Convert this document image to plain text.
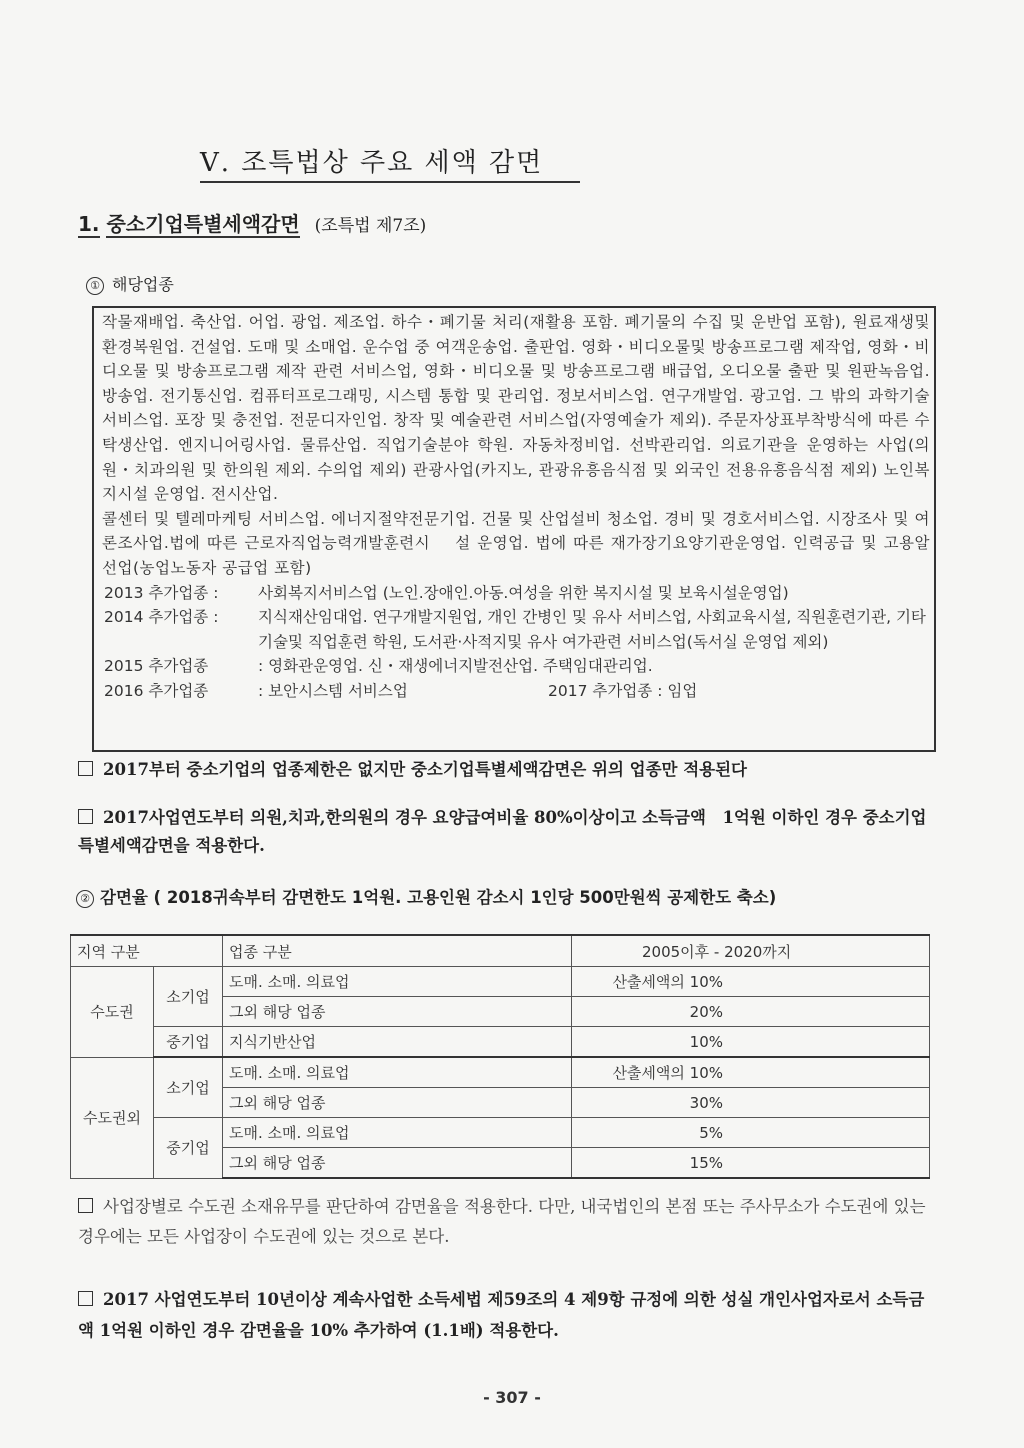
Ⅴ. 조특법상 주요 세액 감면
1. 중소기업특별세액감면 (조특법 제7조)
① 해당업종
작물재배업. 축산업. 어업. 광업. 제조업. 하수・폐기물 처리(재활용 포함. 폐기물의 수집 및 운반업 포함), 원료재생및 환경복원업. 건설업. 도매 및 소매업. 운수업 중 여객운송업. 출판업. 영화・비디오물및 방송프로그램 제작업, 영화・비디오물 및 방송프로그램 제작 관련 서비스업, 영화・비디오물 및 방송프로그램 배급업, 오디오물 출판 및 원판녹음업. 방송업. 전기통신업. 컴퓨터프로그래밍, 시스템 통합 및 관리업. 정보서비스업. 연구개발업. 광고업. 그 밖의 과학기술서비스업. 포장 및 충전업. 전문디자인업. 창작 및 예술관련 서비스업(자영예술가 제외). 주문자상표부착방식에 따른 수탁생산업. 엔지니어링사업. 물류산업. 직업기술분야 학원. 자동차정비업. 선박관리업. 의료기관을 운영하는 사업(의원・치과의원 및 한의원 제외. 수의업 제외) 관광사업(카지노, 관광유흥음식점 및 외국인 전용유흥음식점 제외) 노인복지시설 운영업. 전시산업.
콜센터 및 텔레마케팅 서비스업. 에너지절약전문기업. 건물 및 산업설비 청소업. 경비 및 경호서비스업. 시장조사 및 여론조사업.법에 따른 근로자직업능력개발훈련시　 설 운영업. 법에 따른 재가장기요양기관운영업. 인력공급 및 고용알선업(농업노동자 공급업 포함)
2013 추가업종 :	사회복지서비스업 (노인.장애인.아동.여성을 위한 복지시설 및 보육시설운영업)
2014 추가업종 :	지식재산임대업. 연구개발지원업, 개인 간병인 및 유사 서비스업, 사회교육시설, 직원훈련기관, 기타 기술및 직업훈련 학원, 도서관·사적지및 유사 여가관련 서비스업(독서실 운영업 제외)
2015 추가업종	: 영화관운영업. 신・재생에너지발전산업. 주택임대관리업.
2016 추가업종	: 보안시스템 서비스업	2017 추가업종 : 임업
2017부터 중소기업의 업종제한은 없지만 중소기업특별세액감면은 위의 업종만 적용된다
2017사업연도부터 의원,치과,한의원의 경우 요양급여비율 80%이상이고 소득금액　1억원 이하인 경우 중소기업특별세액감면을 적용한다.
② 감면율 ( 2018귀속부터 감면한도 1억원. 고용인원 감소시 1인당 500만원씩 공제한도 축소)
지역 구분		업종 구분	2005이후 - 2020까지
수도권	소기업	도매. 소매. 의료업	산출세액의 10%
		그외 해당 업종	20%
	중기업	지식기반산업	10%
수도권외	소기업	도매. 소매. 의료업	산출세액의 10%
		그외 해당 업종	30%
	중기업	도매. 소매. 의료업	5%
		그외 해당 업종	15%
사업장별로 수도권 소재유무를 판단하여 감면율을 적용한다. 다만, 내국법인의 본점 또는 주사무소가 수도권에 있는 경우에는 모든 사업장이 수도권에 있는 것으로 본다.
2017 사업연도부터 10년이상 계속사업한 소득세법 제59조의 4 제9항 규정에 의한 성실 개인사업자로서 소득금액 1억원 이하인 경우 감면율을 10% 추가하여 (1.1배) 적용한다.
- 307 -
